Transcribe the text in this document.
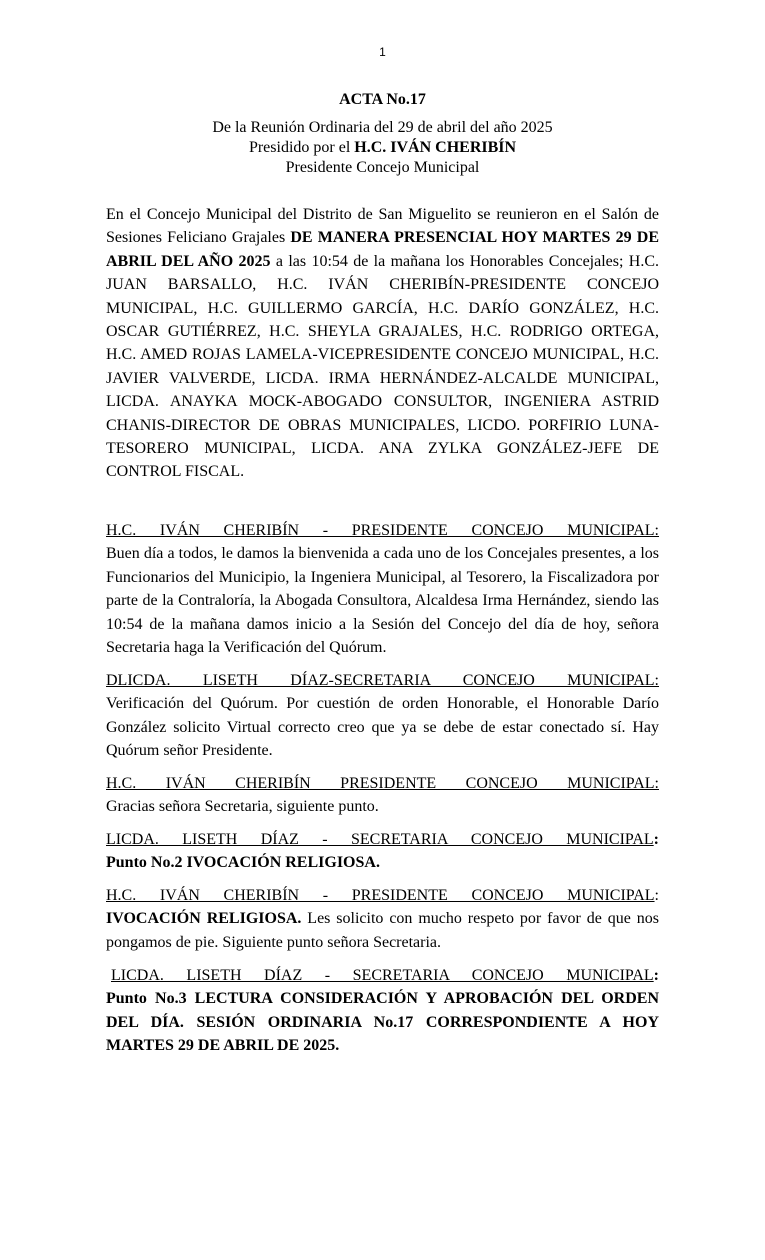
1
ACTA No.17
De la Reunión Ordinaria del 29 de abril del año 2025
Presidido por el H.C. IVÁN CHERIBÍN
Presidente Concejo Municipal
En el Concejo Municipal del Distrito de San Miguelito se reunieron en el Salón de Sesiones Feliciano Grajales DE MANERA PRESENCIAL HOY MARTES 29 DE ABRIL DEL AÑO 2025 a las 10:54 de la mañana los Honorables Concejales; H.C. JUAN BARSALLO, H.C. IVÁN CHERIBÍN-PRESIDENTE CONCEJO MUNICIPAL, H.C. GUILLERMO GARCÍA, H.C. DARÍO GONZÁLEZ, H.C. OSCAR GUTIÉRREZ, H.C. SHEYLA GRAJALES, H.C. RODRIGO ORTEGA, H.C. AMED ROJAS LAMELA-VICEPRESIDENTE CONCEJO MUNICIPAL, H.C. JAVIER VALVERDE, LICDA. IRMA HERNÁNDEZ-ALCALDE MUNICIPAL, LICDA. ANAYKA MOCK-ABOGADO CONSULTOR, INGENIERA ASTRID CHANIS-DIRECTOR DE OBRAS MUNICIPALES, LICDO. PORFIRIO LUNA-TESORERO MUNICIPAL, LICDA. ANA ZYLKA GONZÁLEZ-JEFE DE CONTROL FISCAL.
H.C. IVÁN CHERIBÍN - PRESIDENTE CONCEJO MUNICIPAL:
Buen día a todos, le damos la bienvenida a cada uno de los Concejales presentes, a los Funcionarios del Municipio, la Ingeniera Municipal, al Tesorero, la Fiscalizadora por parte de la Contraloría, la Abogada Consultora, Alcaldesa Irma Hernández, siendo las 10:54 de la mañana damos inicio a la Sesión del Concejo del día de hoy, señora Secretaria haga la Verificación del Quórum.
DLICDA. LISETH DÍAZ-SECRETARIA CONCEJO MUNICIPAL:
Verificación del Quórum. Por cuestión de orden Honorable, el Honorable Darío González solicito Virtual correcto creo que ya se debe de estar conectado sí. Hay Quórum señor Presidente.
H.C. IVÁN CHERIBÍN PRESIDENTE CONCEJO MUNICIPAL:
Gracias señora Secretaria, siguiente punto.
LICDA. LISETH DÍAZ - SECRETARIA CONCEJO MUNICIPAL :
Punto No.2 IVOCACIÓN RELIGIOSA.
H.C. IVÁN CHERIBÍN - PRESIDENTE CONCEJO MUNICIPAL :
IVOCACIÓN RELIGIOSA. Les solicito con mucho respeto por favor de que nos pongamos de pie. Siguiente punto señora Secretaria.
LICDA. LISETH DÍAZ - SECRETARIA CONCEJO MUNICIPAL :
Punto No.3 LECTURA CONSIDERACIÓN Y APROBACIÓN DEL ORDEN DEL DÍA. SESIÓN ORDINARIA No.17 CORRESPONDIENTE A HOY MARTES 29 DE ABRIL DE 2025.
